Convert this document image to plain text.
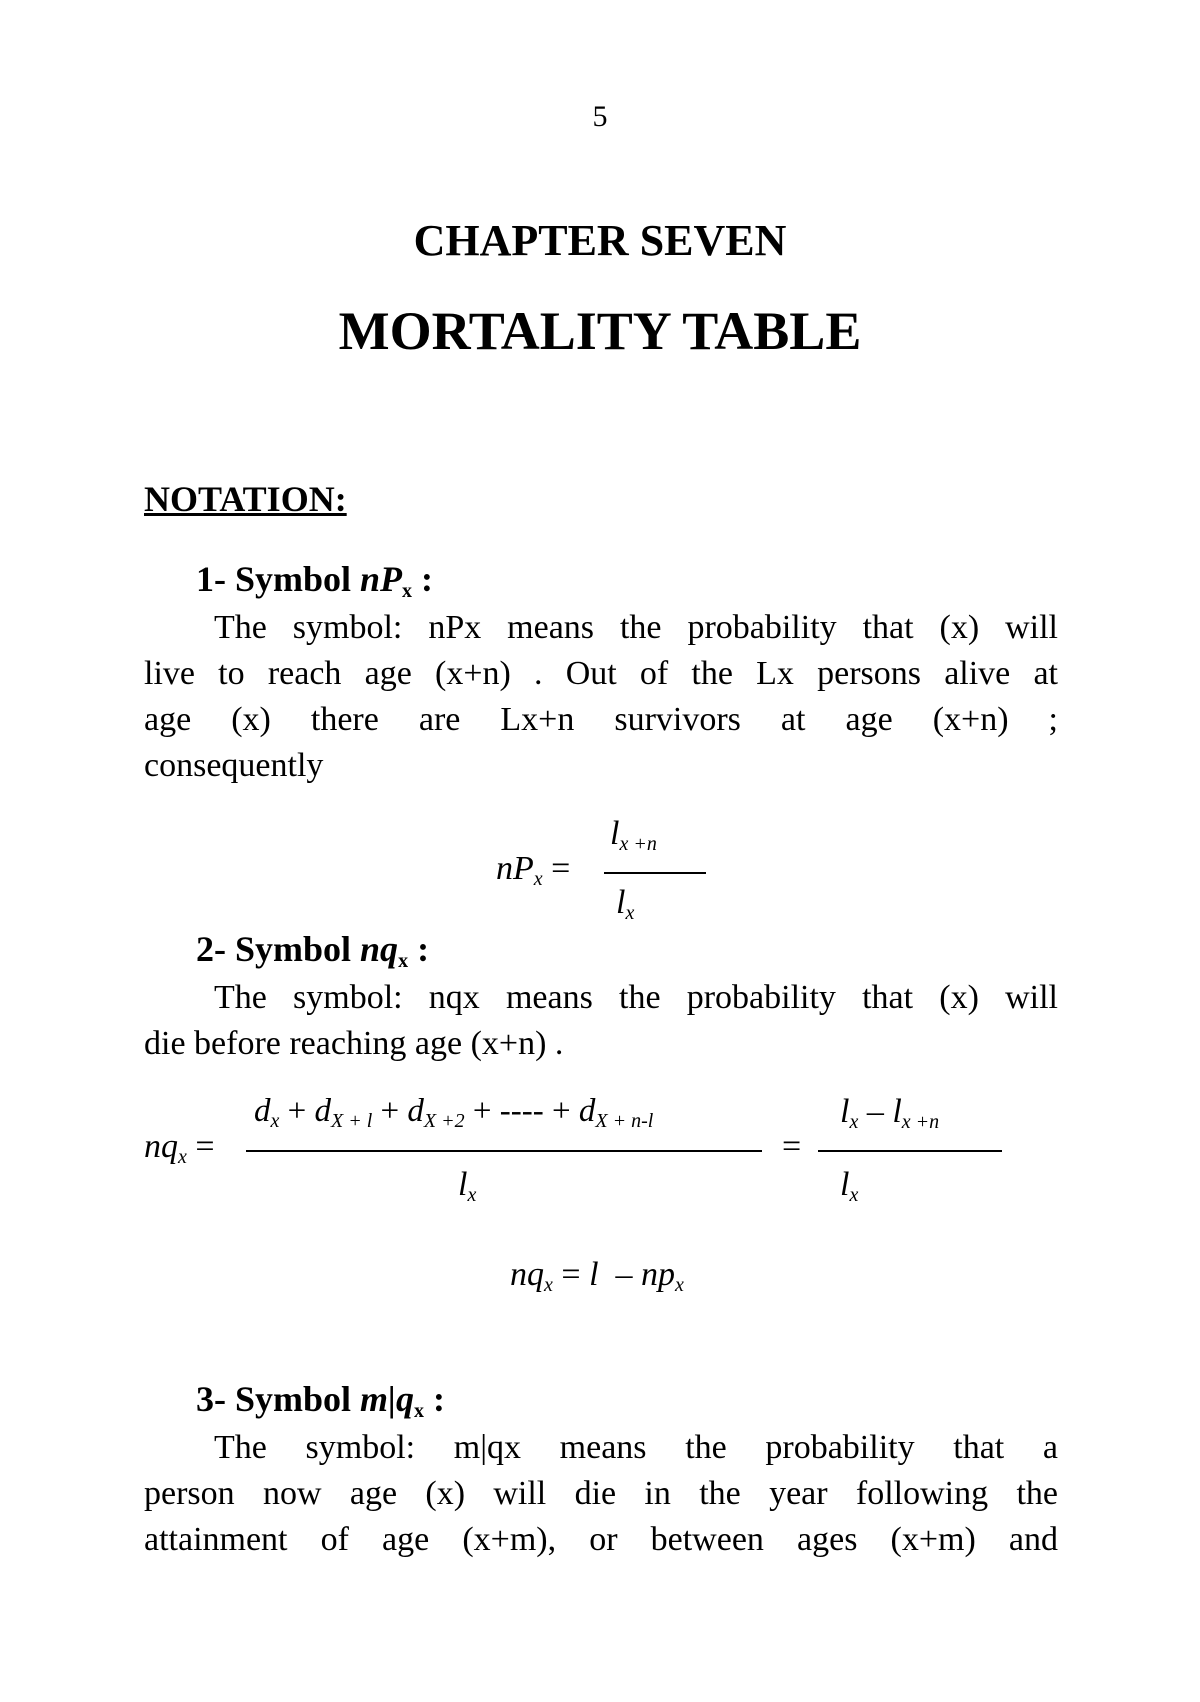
5
CHAPTER SEVEN
MORTALITY TABLE
NOTATION:
1- Symbol $nP_x$ :
The symbol: nPx means the probability that (x) will
live to reach age (x+n) . Out of the Lx persons alive at
age (x) there are Lx+n survivors at age (x+n) ;
consequently
$nP_x$ =
$l_{x +n}$
$l_x$
2- Symbol $nq_x$ :
The symbol: nqx means the probability that (x) will
die before reaching age (x+n) .
$nq_x$ =
$d_x + d_{X + l} + d_{X +2}$ + ---- + $d_{X + n-l}$
$l_x$
=
$l_x - l_{x +n}$
$l_x$
$nq_x = l - np_x$
3- Symbol $m|q_x$ :
The symbol: m|qx means the probability that a
person now age (x) will die in the year following the
attainment of age (x+m), or between ages (x+m) and
